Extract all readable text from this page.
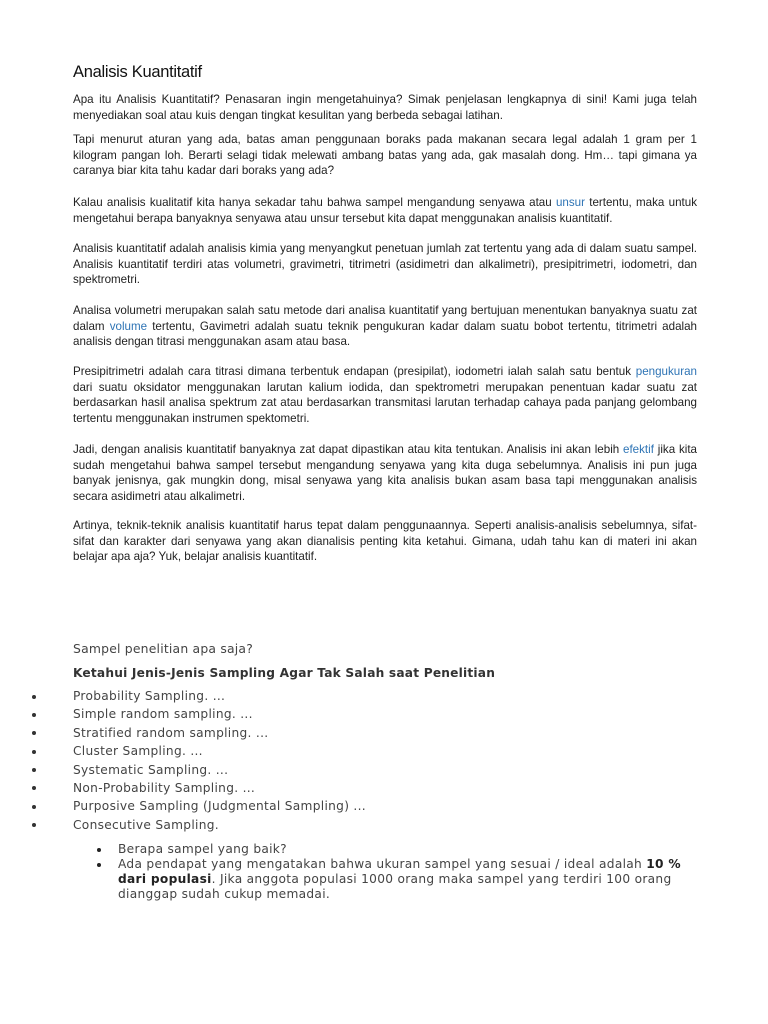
Analisis Kuantitatif

Apa itu Analisis Kuantitatif? Penasaran ingin mengetahuinya? Simak penjelasan lengkapnya di sini! Kami juga telah menyediakan soal atau kuis dengan tingkat kesulitan yang berbeda sebagai latihan.

Tapi menurut aturan yang ada, batas aman penggunaan boraks pada makanan secara legal adalah 1 gram per 1 kilogram pangan loh. Berarti selagi tidak melewati ambang batas yang ada, gak masalah dong. Hm… tapi gimana ya caranya biar kita tahu kadar dari boraks yang ada?

Kalau analisis kualitatif kita hanya sekadar tahu bahwa sampel mengandung senyawa atau unsur tertentu, maka untuk mengetahui berapa banyaknya senyawa atau unsur tersebut kita dapat menggunakan analisis kuantitatif.

Analisis kuantitatif adalah analisis kimia yang menyangkut penetuan jumlah zat tertentu yang ada di dalam suatu sampel. Analisis kuantitatif terdiri atas volumetri, gravimetri, titrimetri (asidimetri dan alkalimetri), presipitrimetri, iodometri, dan spektrometri.

Analisa volumetri merupakan salah satu metode dari analisa kuantitatif yang bertujuan menentukan banyaknya suatu zat dalam volume tertentu, Gavimetri adalah suatu teknik pengukuran kadar dalam suatu bobot tertentu, titrimetri adalah analisis dengan titrasi menggunakan asam atau basa.

Presipitrimetri adalah cara titrasi dimana terbentuk endapan (presipilat), iodometri ialah salah satu bentuk pengukuran dari suatu oksidator menggunakan larutan kalium iodida, dan spektrometri merupakan penentuan kadar suatu zat berdasarkan hasil analisa spektrum zat atau berdasarkan transmitasi larutan terhadap cahaya pada panjang gelombang tertentu menggunakan instrumen spektometri.

Jadi, dengan analisis kuantitatif banyaknya zat dapat dipastikan atau kita tentukan. Analisis ini akan lebih efektif jika kita sudah mengetahui bahwa sampel tersebut mengandung senyawa yang kita duga sebelumnya. Analisis ini pun juga banyak jenisnya, gak mungkin dong, misal senyawa yang kita analisis bukan asam basa tapi menggunakan analisis secara asidimetri atau alkalimetri.

Artinya, teknik-teknik analisis kuantitatif harus tepat dalam penggunaannya. Seperti analisis-analisis sebelumnya, sifat-sifat dan karakter dari senyawa yang akan dianalisis penting kita ketahui. Gimana, udah tahu kan di materi ini akan belajar apa aja? Yuk, belajar analisis kuantitatif.

Sampel penelitian apa saja?
Ketahui Jenis-Jenis Sampling Agar Tak Salah saat Penelitian
Probability Sampling. ...
Simple random sampling. ...
Stratified random sampling. ...
Cluster Sampling. ...
Systematic Sampling. ...
Non-Probability Sampling. ...
Purposive Sampling (Judgmental Sampling) ...
Consecutive Sampling.
Berapa sampel yang baik?
Ada pendapat yang mengatakan bahwa ukuran sampel yang sesuai / ideal adalah 10 % dari populasi. Jika anggota populasi 1000 orang maka sampel yang terdiri 100 orang dianggap sudah cukup memadai.
